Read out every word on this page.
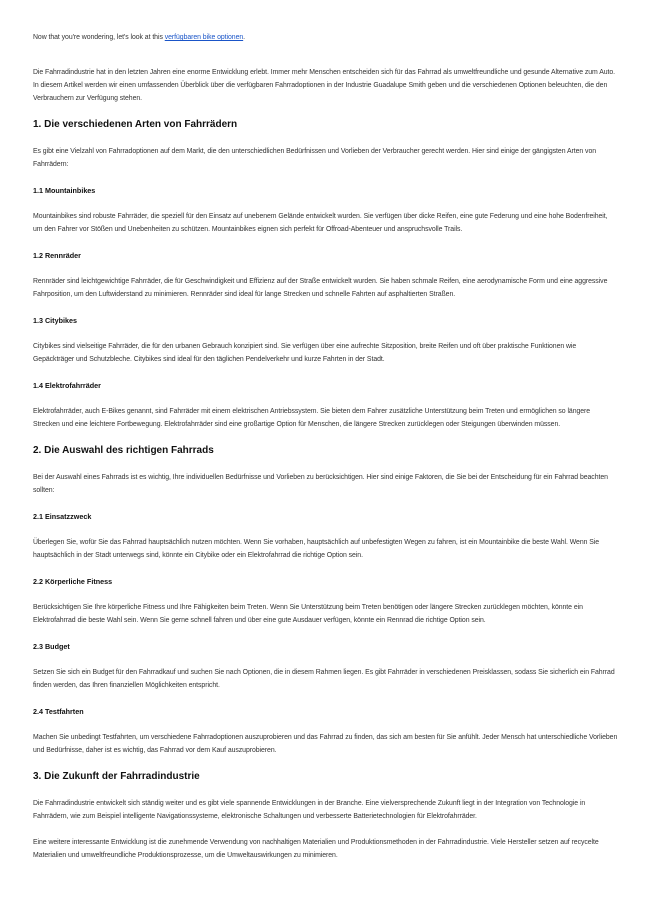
Now that you're wondering, let's look at this verfügbaren bike optionen.

Die Fahrradindustrie hat in den letzten Jahren eine enorme Entwicklung erlebt. Immer mehr Menschen entscheiden sich für das Fahrrad als umweltfreundliche und gesunde Alternative zum Auto. In diesem Artikel werden wir einen umfassenden Überblick über die verfügbaren Fahrradoptionen in der Industrie Guadalupe Smith geben und die verschiedenen Optionen beleuchten, die den Verbrauchern zur Verfügung stehen.

1. Die verschiedenen Arten von Fahrrädern

Es gibt eine Vielzahl von Fahrradoptionen auf dem Markt, die den unterschiedlichen Bedürfnissen und Vorlieben der Verbraucher gerecht werden. Hier sind einige der gängigsten Arten von Fahrrädern:

1.1 Mountainbikes

Mountainbikes sind robuste Fahrräder, die speziell für den Einsatz auf unebenem Gelände entwickelt wurden. Sie verfügen über dicke Reifen, eine gute Federung und eine hohe Bodenfreiheit, um den Fahrer vor Stößen und Unebenheiten zu schützen. Mountainbikes eignen sich perfekt für Offroad-Abenteuer und anspruchsvolle Trails.

1.2 Rennräder

Rennräder sind leichtgewichtige Fahrräder, die für Geschwindigkeit und Effizienz auf der Straße entwickelt wurden. Sie haben schmale Reifen, eine aerodynamische Form und eine aggressive Fahrposition, um den Luftwiderstand zu minimieren. Rennräder sind ideal für lange Strecken und schnelle Fahrten auf asphaltierten Straßen.

1.3 Citybikes

Citybikes sind vielseitige Fahrräder, die für den urbanen Gebrauch konzipiert sind. Sie verfügen über eine aufrechte Sitzposition, breite Reifen und oft über praktische Funktionen wie Gepäckträger und Schutzbleche. Citybikes sind ideal für den täglichen Pendelverkehr und kurze Fahrten in der Stadt.

1.4 Elektrofahrräder

Elektrofahrräder, auch E-Bikes genannt, sind Fahrräder mit einem elektrischen Antriebssystem. Sie bieten dem Fahrer zusätzliche Unterstützung beim Treten und ermöglichen so längere Strecken und eine leichtere Fortbewegung. Elektrofahrräder sind eine großartige Option für Menschen, die längere Strecken zurücklegen oder Steigungen überwinden müssen.

2. Die Auswahl des richtigen Fahrrads

Bei der Auswahl eines Fahrrads ist es wichtig, Ihre individuellen Bedürfnisse und Vorlieben zu berücksichtigen. Hier sind einige Faktoren, die Sie bei der Entscheidung für ein Fahrrad beachten sollten:

2.1 Einsatzzweck

Überlegen Sie, wofür Sie das Fahrrad hauptsächlich nutzen möchten. Wenn Sie vorhaben, hauptsächlich auf unbefestigten Wegen zu fahren, ist ein Mountainbike die beste Wahl. Wenn Sie hauptsächlich in der Stadt unterwegs sind, könnte ein Citybike oder ein Elektrofahrrad die richtige Option sein.

2.2 Körperliche Fitness

Berücksichtigen Sie Ihre körperliche Fitness und Ihre Fähigkeiten beim Treten. Wenn Sie Unterstützung beim Treten benötigen oder längere Strecken zurücklegen möchten, könnte ein Elektrofahrrad die beste Wahl sein. Wenn Sie gerne schnell fahren und über eine gute Ausdauer verfügen, könnte ein Rennrad die richtige Option sein.

2.3 Budget

Setzen Sie sich ein Budget für den Fahrradkauf und suchen Sie nach Optionen, die in diesem Rahmen liegen. Es gibt Fahrräder in verschiedenen Preisklassen, sodass Sie sicherlich ein Fahrrad finden werden, das Ihren finanziellen Möglichkeiten entspricht.

2.4 Testfahrten

Machen Sie unbedingt Testfahrten, um verschiedene Fahrradoptionen auszuprobieren und das Fahrrad zu finden, das sich am besten für Sie anfühlt. Jeder Mensch hat unterschiedliche Vorlieben und Bedürfnisse, daher ist es wichtig, das Fahrrad vor dem Kauf auszuprobieren.

3. Die Zukunft der Fahrradindustrie

Die Fahrradindustrie entwickelt sich ständig weiter und es gibt viele spannende Entwicklungen in der Branche. Eine vielversprechende Zukunft liegt in der Integration von Technologie in Fahrrädern, wie zum Beispiel intelligente Navigationssysteme, elektronische Schaltungen und verbesserte Batterietechnologien für Elektrofahrräder.

Eine weitere interessante Entwicklung ist die zunehmende Verwendung von nachhaltigen Materialien und Produktionsmethoden in der Fahrradindustrie. Viele Hersteller setzen auf recycelte Materialien und umweltfreundliche Produktionsprozesse, um die Umweltauswirkungen zu minimieren.
